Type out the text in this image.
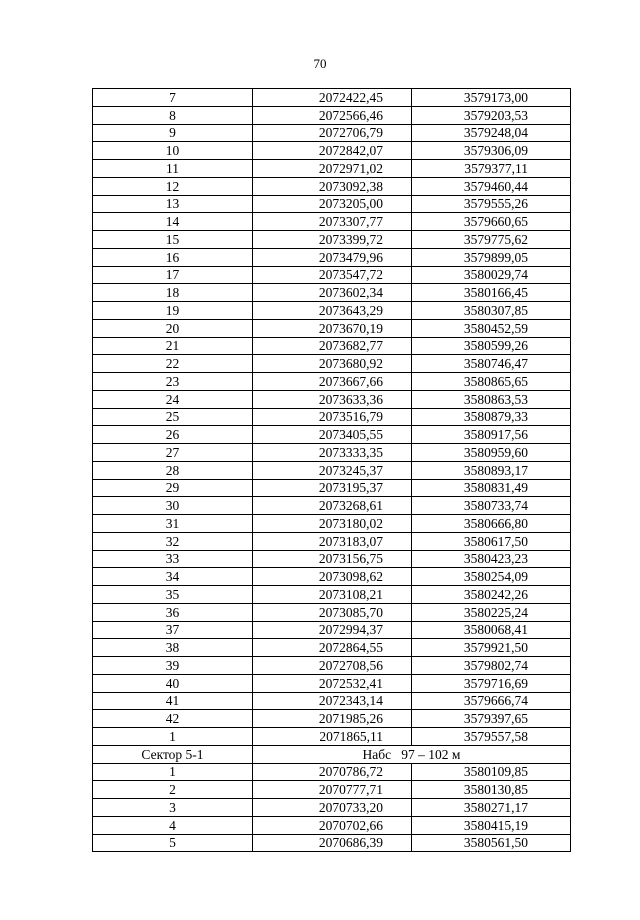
70
7	2072422,45	3579173,00
8	2072566,46	3579203,53
9	2072706,79	3579248,04
10	2072842,07	3579306,09
11	2072971,02	3579377,11
12	2073092,38	3579460,44
13	2073205,00	3579555,26
14	2073307,77	3579660,65
15	2073399,72	3579775,62
16	2073479,96	3579899,05
17	2073547,72	3580029,74
18	2073602,34	3580166,45
19	2073643,29	3580307,85
20	2073670,19	3580452,59
21	2073682,77	3580599,26
22	2073680,92	3580746,47
23	2073667,66	3580865,65
24	2073633,36	3580863,53
25	2073516,79	3580879,33
26	2073405,55	3580917,56
27	2073333,35	3580959,60
28	2073245,37	3580893,17
29	2073195,37	3580831,49
30	2073268,61	3580733,74
31	2073180,02	3580666,80
32	2073183,07	3580617,50
33	2073156,75	3580423,23
34	2073098,62	3580254,09
35	2073108,21	3580242,26
36	2073085,70	3580225,24
37	2072994,37	3580068,41
38	2072864,55	3579921,50
39	2072708,56	3579802,74
40	2072532,41	3579716,69
41	2072343,14	3579666,74
42	2071985,26	3579397,65
1	2071865,11	3579557,58
Сектор 5-1	Набс   97 – 102 м	
1	2070786,72	3580109,85
2	2070777,71	3580130,85
3	2070733,20	3580271,17
4	2070702,66	3580415,19
5	2070686,39	3580561,50
